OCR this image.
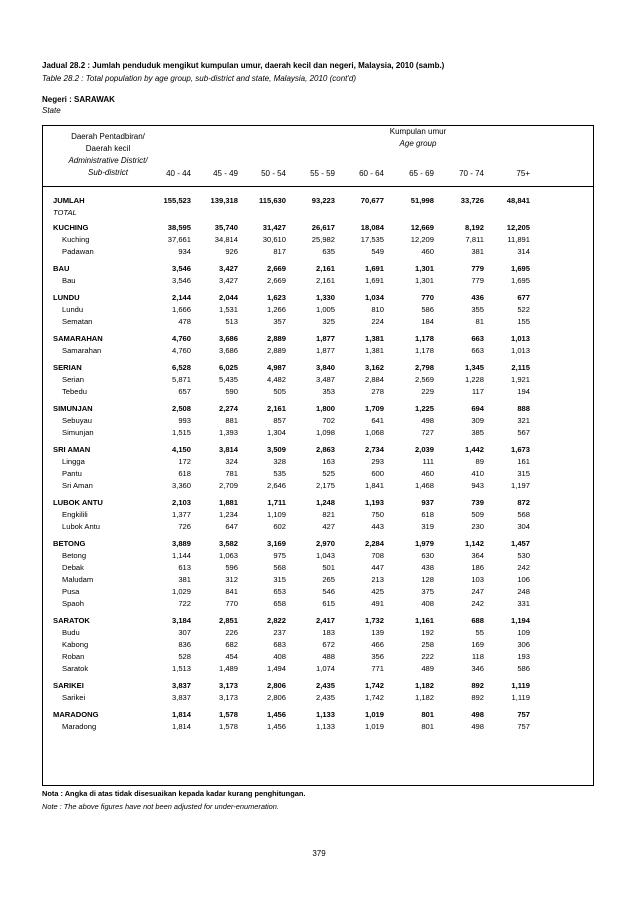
Jadual 28.2 : Jumlah penduduk mengikut kumpulan umur, daerah kecil dan negeri, Malaysia, 2010 (samb.)
Table 28.2 : Total population by age group, sub-district and state, Malaysia, 2010 (cont'd)
Negeri : SARAWAK
State
Daerah Pentadbiran/
Daerah kecil
Administrative District/
Sub-district
Kumpulan umur
Age group
40 - 44	45 - 49	50 - 54	55 - 59	60 - 64	65 - 69	70 - 74	75+
JUMLAH	155,523	139,318	115,630	93,223	70,677	51,998	33,726	48,841
TOTAL
KUCHING	38,595	35,740	31,427	26,617	18,084	12,669	8,192	12,205
Kuching	37,661	34,814	30,610	25,982	17,535	12,209	7,811	11,891
Padawan	934	926	817	635	549	460	381	314
BAU	3,546	3,427	2,669	2,161	1,691	1,301	779	1,695
Bau	3,546	3,427	2,669	2,161	1,691	1,301	779	1,695
LUNDU	2,144	2,044	1,623	1,330	1,034	770	436	677
Lundu	1,666	1,531	1,266	1,005	810	586	355	522
Sematan	478	513	357	325	224	184	81	155
SAMARAHAN	4,760	3,686	2,889	1,877	1,381	1,178	663	1,013
Samarahan	4,760	3,686	2,889	1,877	1,381	1,178	663	1,013
SERIAN	6,528	6,025	4,987	3,840	3,162	2,798	1,345	2,115
Serian	5,871	5,435	4,482	3,487	2,884	2,569	1,228	1,921
Tebedu	657	590	505	353	278	229	117	194
SIMUNJAN	2,508	2,274	2,161	1,800	1,709	1,225	694	888
Sebuyau	993	881	857	702	641	498	309	321
Simunjan	1,515	1,393	1,304	1,098	1,068	727	385	567
SRI AMAN	4,150	3,814	3,509	2,863	2,734	2,039	1,442	1,673
Lingga	172	324	328	163	293	111	89	161
Pantu	618	781	535	525	600	460	410	315
Sri Aman	3,360	2,709	2,646	2,175	1,841	1,468	943	1,197
LUBOK ANTU	2,103	1,881	1,711	1,248	1,193	937	739	872
Engkilili	1,377	1,234	1,109	821	750	618	509	568
Lubok Antu	726	647	602	427	443	319	230	304
BETONG	3,889	3,582	3,169	2,970	2,284	1,979	1,142	1,457
Betong	1,144	1,063	975	1,043	708	630	364	530
Debak	613	596	568	501	447	438	186	242
Maludam	381	312	315	265	213	128	103	106
Pusa	1,029	841	653	546	425	375	247	248
Spaoh	722	770	658	615	491	408	242	331
SARATOK	3,184	2,851	2,822	2,417	1,732	1,161	688	1,194
Budu	307	226	237	183	139	192	55	109
Kabong	836	682	683	672	466	258	169	306
Roban	528	454	408	488	356	222	118	193
Saratok	1,513	1,489	1,494	1,074	771	489	346	586
SARIKEI	3,837	3,173	2,806	2,435	1,742	1,182	892	1,119
Sarikei	3,837	3,173	2,806	2,435	1,742	1,182	892	1,119
MARADONG	1,814	1,578	1,456	1,133	1,019	801	498	757
Maradong	1,814	1,578	1,456	1,133	1,019	801	498	757
Nota : Angka di atas tidak disesuaikan kepada kadar kurang penghitungan.
Note : The above figures have not been adjusted for under-enumeration.
379
